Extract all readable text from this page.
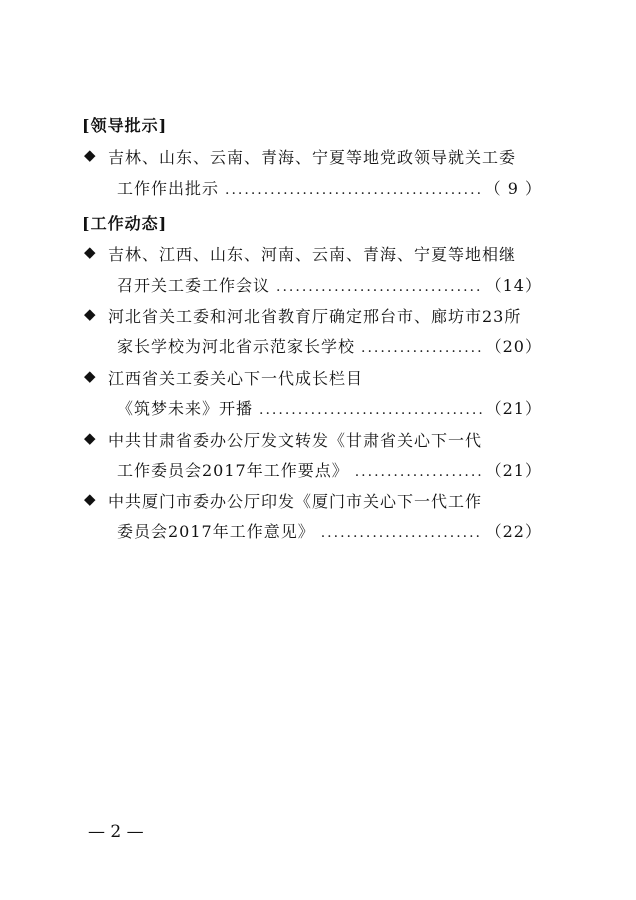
[领导批示]
◆ 吉林、山东、云南、青海、宁夏等地党政领导就关工委
工作作出批示 .....	（ 9 ）
[工作动态]
◆ 吉林、江西、山东、河南、云南、青海、宁夏等地相继
召开关工委工作会议 .....	（14）
◆ 河北省关工委和河北省教育厅确定邢台市、廊坊市23所
家长学校为河北省示范家长学校 .....	（20）
◆ 江西省关工委关心下一代成长栏目
《筑梦未来》开播 .....	（21）
◆ 中共甘肃省委办公厅发文转发《甘肃省关心下一代
工作委员会2017年工作要点》 .....	（21）
◆ 中共厦门市委办公厅印发《厦门市关心下一代工作
委员会2017年工作意见》 .....	（22）
— 2 —
